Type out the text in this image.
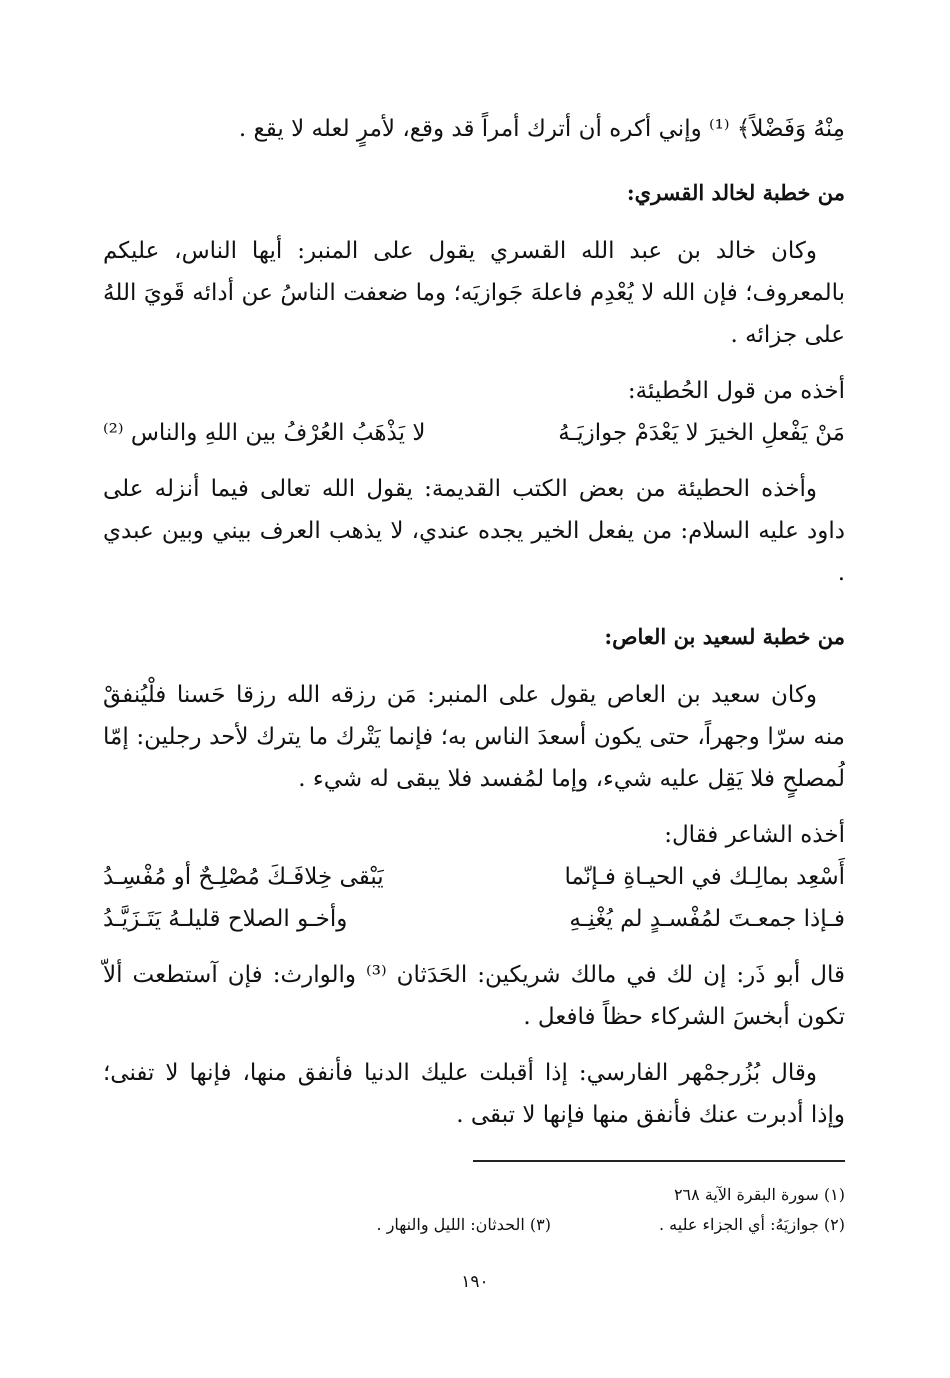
مِنْهُ وَفَضْلاً﴾ ⁽¹⁾ وإني أكره أن أترك أمراً قد وقع، لأمرٍ لعله لا يقع .

من خطبة لخالد القسري:

وكان خالد بن عبد الله القسري يقول على المنبر: أيها الناس، عليكم بالمعروف؛ فإن الله لا يُعْدِم فاعلهَ جَوازيَه؛ وما ضعفت الناسُ عن أدائه قَويَ اللهُ على جزائه .

أخذه من قول الحُطيئة:

مَنْ يَفْعلِ الخيرَ لا يَعْدَمْ جوازيَـهُ
لا يَذْهَبُ العُرْفُ بين اللهِ والناس ⁽²⁾

وأخذه الحطيئة من بعض الكتب القديمة: يقول الله تعالى فيما أنزله على داود عليه السلام: من يفعل الخير يجده عندي، لا يذهب العرف بيني وبين عبدي .

من خطبة لسعيد بن العاص:

وكان سعيد بن العاص يقول على المنبر: مَن رزقه الله رزقا حَسنا فلْيُنفقْ منه سرّا وجهراً، حتى يكون أسعدَ الناس به؛ فإنما يَتْرك ما يترك لأحد رجلين: إمّا لُمصلحٍ فلا يَقِل عليه شيء، وإما لمُفسد فلا يبقى له شيء .

أخذه الشاعر فقال:

أَسْعِد بمالِـك في الحيـاةِ فـإنّما
يَبْقى خِلافَـكَ مُصْلِـحٌ أو مُفْسِـدُ
فـإذا جمعـتَ لمُفْسـدٍ لم يُغْنِـهِ
وأخـو الصلاح قليلـهُ يَتَـزَيَّـدُ

قال أبو ذَر: إن لك في مالك شريكين: الحَدَثان ⁽³⁾ والوارث: فإن آستطعت ألاّ تكون أبخسَ الشركاء حظاً فافعل .

وقال بُزُرجمْهر الفارسي: إذا أقبلت عليك الدنيا فأنفق منها، فإنها لا تفنى؛ وإذا أدبرت عنك فأنفق منها فإنها لا تبقى .

(١) سورة البقرة الآية ٢٦٨
(٢) جوازيَهُ: أي الجزاء عليه .
(٣) الحدثان: الليل والنهار .
١٩٠
